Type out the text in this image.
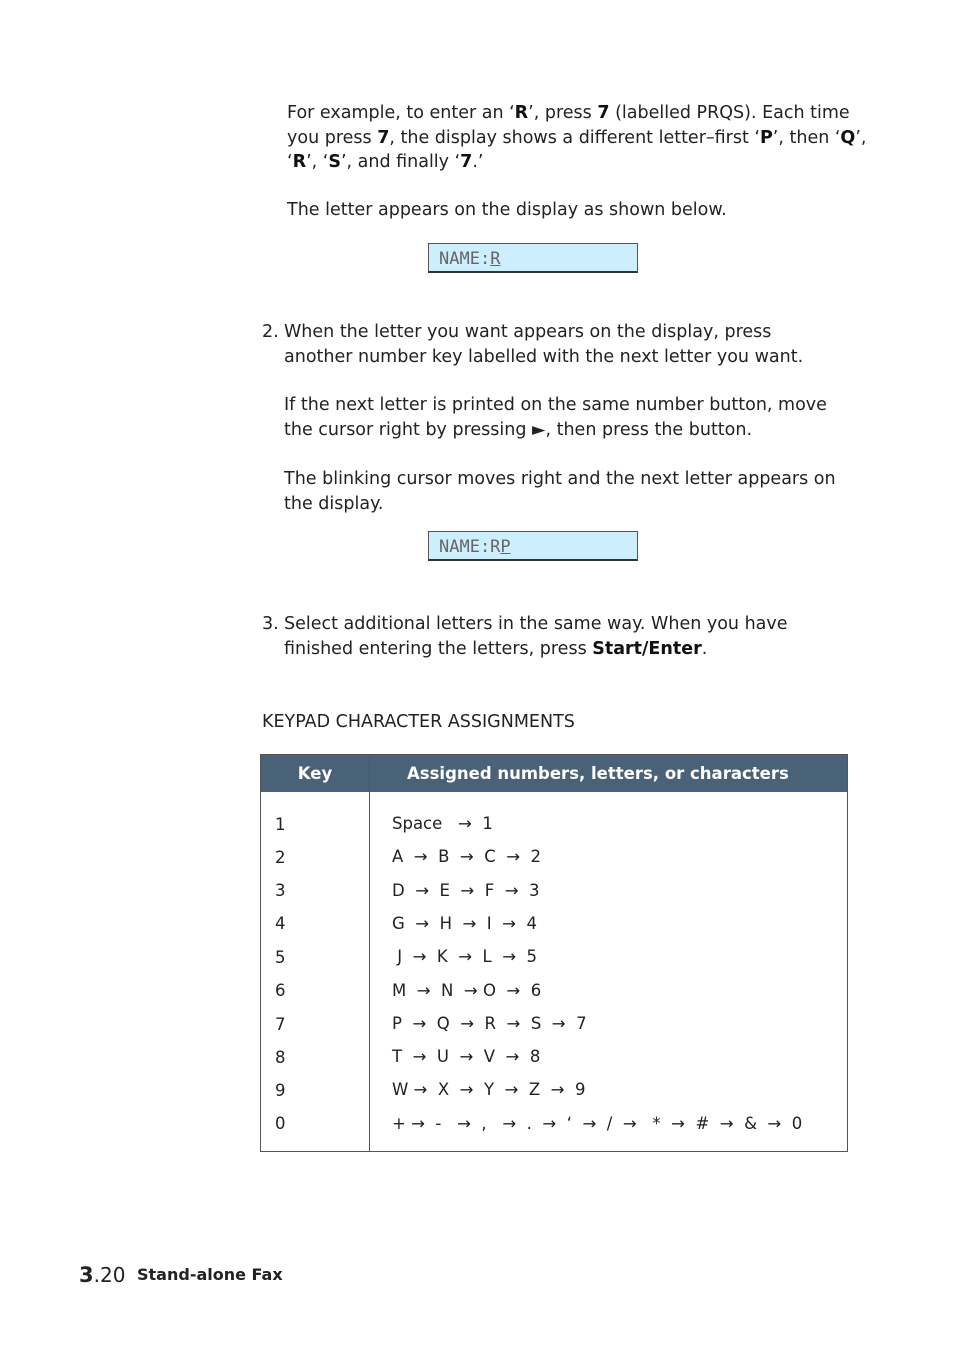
For example, to enter an ‘R’, press 7 (labelled PRQS). Each time you press 7, the display shows a different letter–first ‘P’, then ‘Q’, ‘R’, ‘S’, and finally ‘7.’

The letter appears on the display as shown below.

NAME:R
2. When the letter you want appears on the display, press another number key labelled with the next letter you want.

If the next letter is printed on the same number button, move the cursor right by pressing ►, then press the button.

The blinking cursor moves right and the next letter appears on the display.

NAME:RP
3. Select additional letters in the same way. When you have finished entering the letters, press Start/Enter.

KEYPAD CHARACTER ASSIGNMENTS

Key	Assigned numbers, letters, or characters
1	Space   →  1
2	A  →  B  →  C  →  2
3	D  →  E  →  F  →  3
4	G  →  H  →  I  →  4
5	J  →  K  →  L  →  5
6	M  →  N  → O  →  6
7	P  →  Q  →  R  →  S  →  7
8	T  →  U  →  V  →  8
9	W →  X  →  Y  →  Z  →  9
0	+ →  -   →  ,   →  .  →  ‘  →  /  →   *  →  #  →  &  →  0
3.20 Stand-alone Fax
